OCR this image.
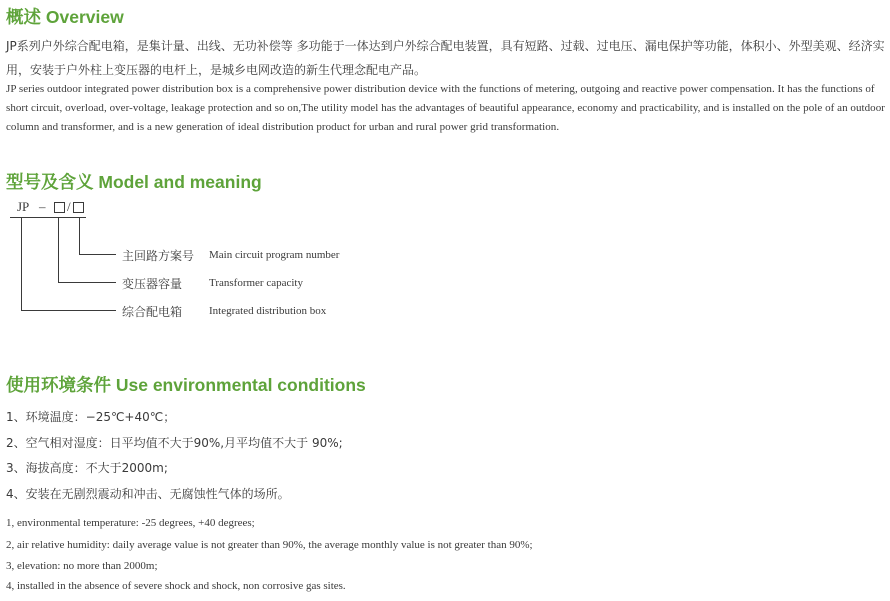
概述 Overview

JP系列户外综合配电箱，是集计量、出线、无功补偿等 多功能于一体达到户外综合配电装置，具有短路、过载、过电压、漏电保护等功能，体积小、外型美观、经济实用，安装于户外柱上变压器的电杆上，是城乡电网改造的新生代理念配电产品。

JP series outdoor integrated power distribution box is a comprehensive power distribution device with the functions of metering, outgoing and reactive power compensation. It has the functions of short circuit, overload, over-voltage, leakage protection and so on,The utility model has the advantages of beautiful appearance, economy and practicability, and is installed on the pole of an outdoor column and transformer, and is a new generation of ideal distribution product for urban and rural power grid transformation.

型号及含义 Model and meaning
JP – /
主回路方案号 Main circuit program number
变压器容量 Transformer capacity
综合配电箱 Integrated distribution box
使用环境条件 Use environmental conditions
1、环境温度：−25℃+40℃；
2、空气相对湿度：日平均值不大于90%,月平均值不大于 90%;
3、海拔高度：不大于2000m;
4、安装在无剧烈震动和冲击、无腐蚀性气体的场所。
1, environmental temperature: -25 degrees, +40 degrees;
2, air relative humidity: daily average value is not greater than 90%, the average monthly value is not greater than 90%;
3, elevation: no more than 2000m;
4, installed in the absence of severe shock and shock, non corrosive gas sites.
